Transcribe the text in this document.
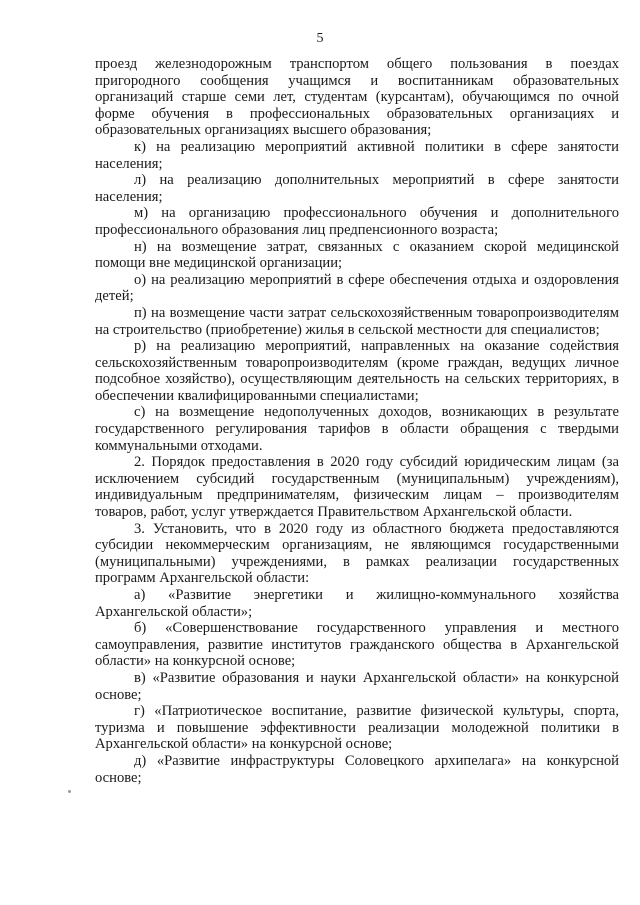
5

проезд железнодорожным транспортом общего пользования в поездах пригородного сообщения учащимся и воспитанникам образовательных организаций старше семи лет, студентам (курсантам), обучающимся по очной форме обучения в профессиональных образовательных организациях и образовательных организациях высшего образования;

к) на реализацию мероприятий активной политики в сфере занятости населения;

л) на реализацию дополнительных мероприятий в сфере занятости населения;

м) на организацию профессионального обучения и дополнительного профессионального образования лиц предпенсионного возраста;

н) на возмещение затрат, связанных с оказанием скорой медицинской помощи вне медицинской организации;

о) на реализацию мероприятий в сфере обеспечения отдыха и оздоровления детей;

п) на возмещение части затрат сельскохозяйственным товаропроизводителям на строительство (приобретение) жилья в сельской местности для специалистов;

р) на реализацию мероприятий, направленных на оказание содействия сельскохозяйственным товаропроизводителям (кроме граждан, ведущих личное подсобное хозяйство), осуществляющим деятельность на сельских территориях, в обеспечении квалифицированными специалистами;

с) на возмещение недополученных доходов, возникающих в результате государственного регулирования тарифов в области обращения с твердыми коммунальными отходами.

2. Порядок предоставления в 2020 году субсидий юридическим лицам (за исключением субсидий государственным (муниципальным) учреждениям), индивидуальным предпринимателям, физическим лицам – производителям товаров, работ, услуг утверждается Правительством Архангельской области.

3. Установить, что в 2020 году из областного бюджета предоставляются субсидии некоммерческим организациям, не являющимся государственными (муниципальными) учреждениями, в рамках реализации государственных программ Архангельской области:

а) «Развитие энергетики и жилищно-коммунального хозяйства Архангельской области»;

б) «Совершенствование государственного управления и местного самоуправления, развитие институтов гражданского общества в Архангельской области» на конкурсной основе;

в) «Развитие образования и науки Архангельской области» на конкурсной основе;

г) «Патриотическое воспитание, развитие физической культуры, спорта, туризма и повышение эффективности реализации молодежной политики в Архангельской области» на конкурсной основе;

д) «Развитие инфраструктуры Соловецкого архипелага» на конкурсной основе;
